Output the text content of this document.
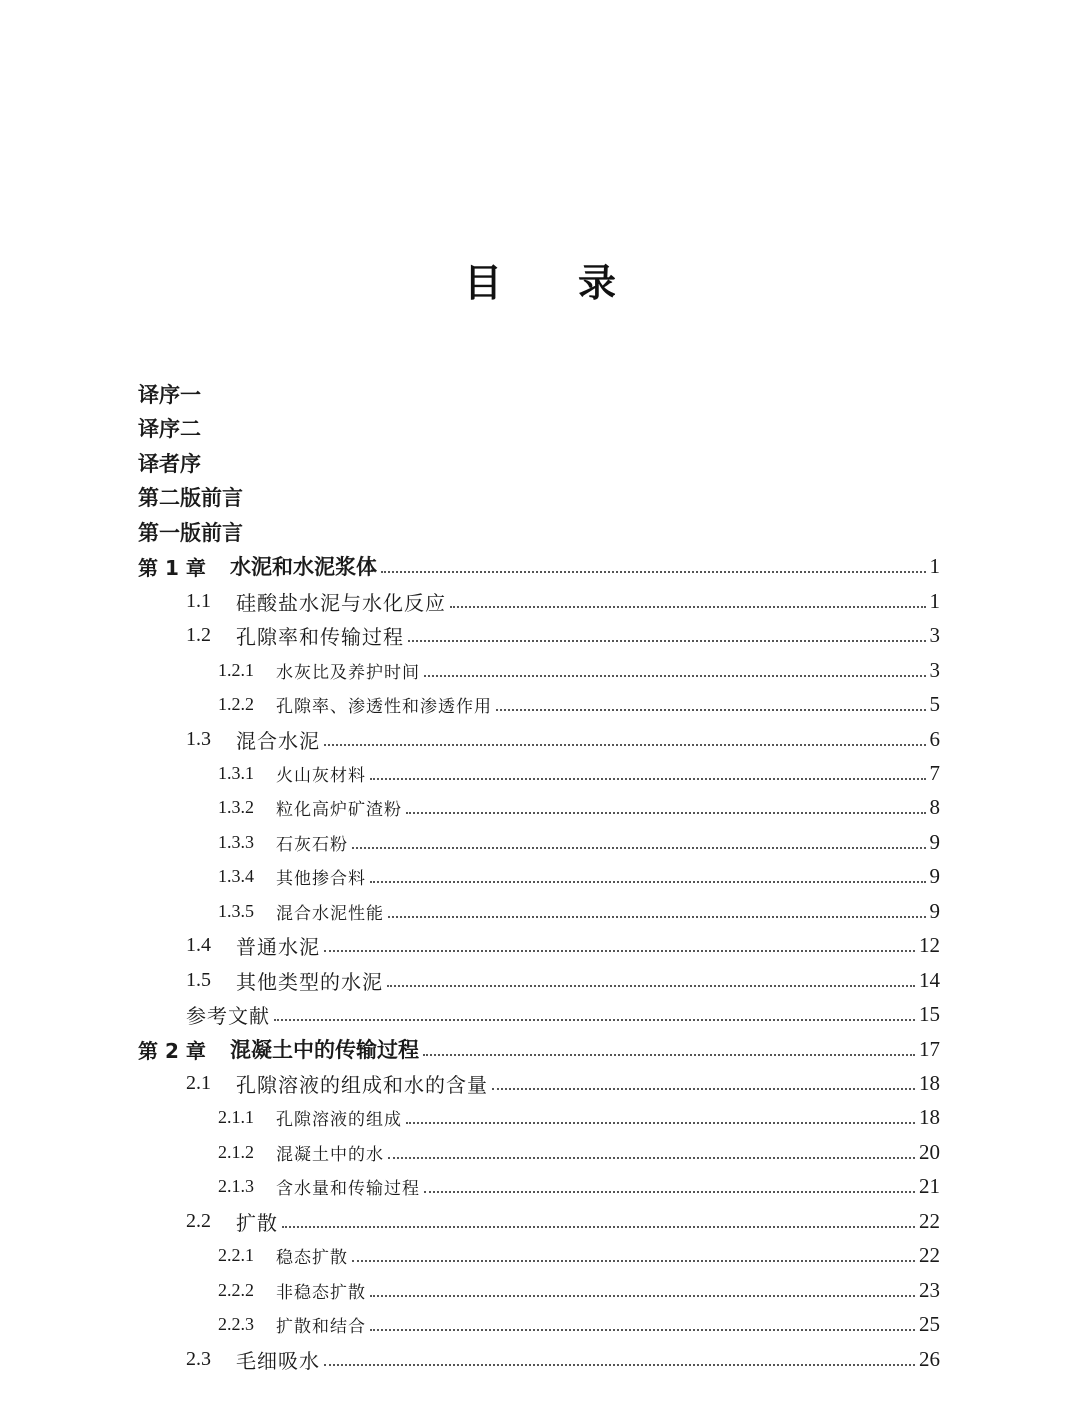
目　　录
译序一
译序二
译者序
第二版前言
第一版前言
第 1 章	水泥和水泥浆体	1
1.1	硅酸盐水泥与水化反应	1
1.2	孔隙率和传输过程	3
1.2.1	水灰比及养护时间	3
1.2.2	孔隙率、渗透性和渗透作用	5
1.3	混合水泥	6
1.3.1	火山灰材料	7
1.3.2	粒化高炉矿渣粉	8
1.3.3	石灰石粉	9
1.3.4	其他掺合料	9
1.3.5	混合水泥性能	9
1.4	普通水泥	12
1.5	其他类型的水泥	14
参考文献	15
第 2 章	混凝土中的传输过程	17
2.1	孔隙溶液的组成和水的含量	18
2.1.1	孔隙溶液的组成	18
2.1.2	混凝土中的水	20
2.1.3	含水量和传输过程	21
2.2	扩散	22
2.2.1	稳态扩散	22
2.2.2	非稳态扩散	23
2.2.3	扩散和结合	25
2.3	毛细吸水	26
